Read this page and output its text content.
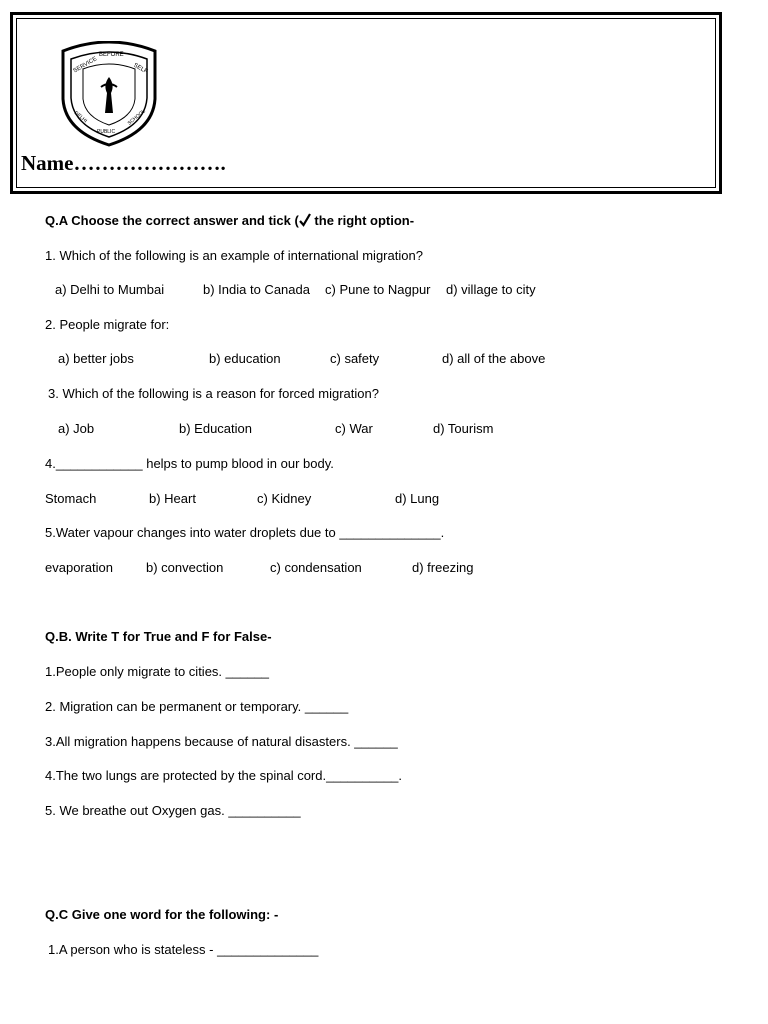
SERVICE
BEFORE
SELF
DELHI
PUBLIC
SCHOOL
Name………………….
Q.A Choose the correct answer and tick ( the right option-
1. Which of the following is an example of international migration?
a) Delhi to Mumbai	b) India to Canada c) Pune to Nagpur d) village to city
2. People migrate for:
a) better jobs	b) education	c) safety	d) all of the above
3. Which of the following is a reason for forced migration?
a) Job	b) Education	c) War	d) Tourism
4.____________ helps to pump blood in our body.
Stomach	b) Heart	c) Kidney	d) Lung
5.Water vapour changes into water droplets due to ______________.
evaporation	b) convection	c) condensation	d) freezing
Q.B. Write T for True and F for False-
1.People only migrate to cities. ______
2. Migration can be permanent or temporary. ______
3.All migration happens because of natural disasters. ______
4.The two lungs are protected by the spinal cord.__________.
5. We breathe out Oxygen gas. __________
Q.C Give one word for the following: -
1.A person who is stateless - ______________
